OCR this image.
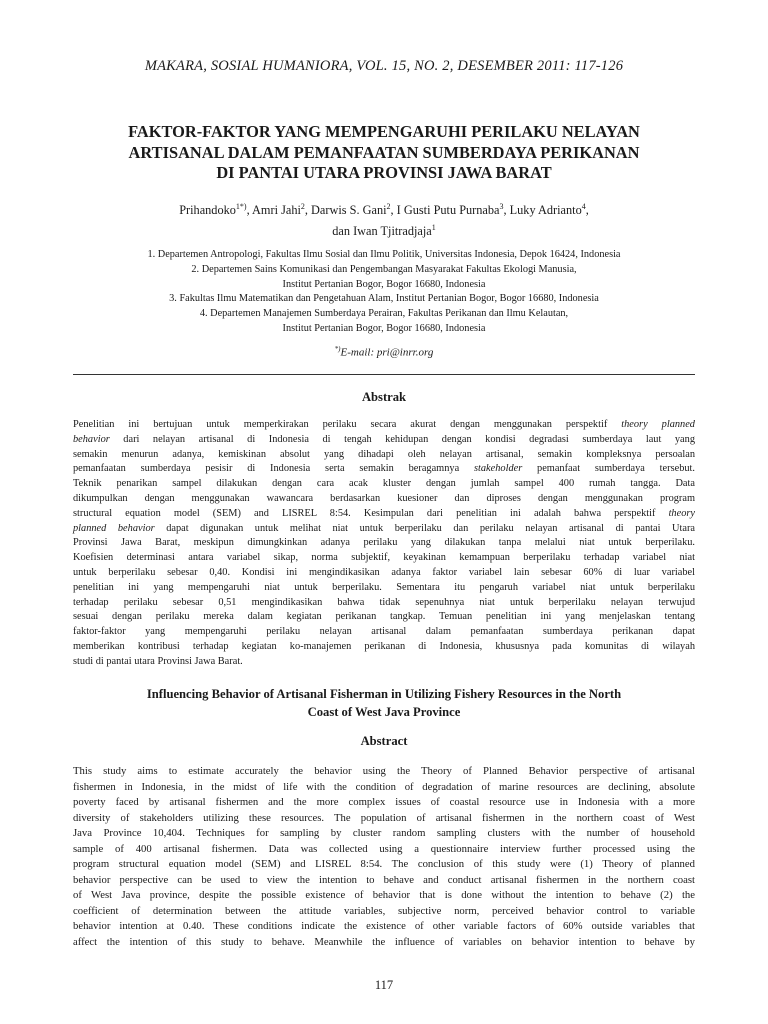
MAKARA, SOSIAL HUMANIORA, VOL. 15, NO. 2, DESEMBER 2011: 117-126
FAKTOR-FAKTOR YANG MEMPENGARUHI PERILAKU NELAYAN
ARTISANAL DALAM PEMANFAATAN SUMBERDAYA PERIKANAN
DI PANTAI UTARA PROVINSI JAWA BARAT
Prihandoko$^{1*)}$, Amri Jahi$^2$, Darwis S. Gani$^2$, I Gusti Putu Purnaba$^3$, Luky Adrianto$^4$,
dan Iwan Tjitradjaja$^1$
1. Departemen Antropologi, Fakultas Ilmu Sosial dan Ilmu Politik, Universitas Indonesia, Depok 16424, Indonesia
2. Departemen Sains Komunikasi dan Pengembangan Masyarakat Fakultas Ekologi Manusia,
Institut Pertanian Bogor, Bogor 16680, Indonesia
3. Fakultas Ilmu Matematikan dan Pengetahuan Alam, Institut Pertanian Bogor, Bogor 16680, Indonesia
4. Departemen Manajemen Sumberdaya Perairan, Fakultas Perikanan dan Ilmu Kelautan,
Institut Pertanian Bogor, Bogor 16680, Indonesia
*)E-mail: pri@inrr.org
Abstrak
Penelitian ini bertujuan untuk memperkirakan perilaku secara akurat dengan menggunakan perspektif theory planned
behavior dari nelayan artisanal di Indonesia di tengah kehidupan dengan kondisi degradasi sumberdaya laut yang
semakin menurun adanya, kemiskinan absolut yang dihadapi oleh nelayan artisanal, semakin kompleksnya persoalan
pemanfaatan sumberdaya pesisir di Indonesia serta semakin beragamnya stakeholder pemanfaat sumberdaya tersebut.
Teknik penarikan sampel dilakukan dengan cara acak kluster dengan jumlah sampel 400 rumah tangga. Data
dikumpulkan dengan menggunakan wawancara berdasarkan kuesioner dan diproses dengan menggunakan program
structural equation model (SEM) and LISREL 8:54. Kesimpulan dari penelitian ini adalah bahwa perspektif theory
planned behavior dapat digunakan untuk melihat niat untuk berperilaku dan perilaku nelayan artisanal di pantai Utara
Provinsi Jawa Barat, meskipun dimungkinkan adanya perilaku yang dilakukan tanpa melalui niat untuk berperilaku.
Koefisien determinasi antara variabel sikap, norma subjektif, keyakinan kemampuan berperilaku terhadap variabel niat
untuk berperilaku sebesar 0,40. Kondisi ini mengindikasikan adanya faktor variabel lain sebesar 60% di luar variabel
penelitian ini yang mempengaruhi niat untuk berperilaku. Sementara itu pengaruh variabel niat untuk berperilaku
terhadap perilaku sebesar 0,51 mengindikasikan bahwa tidak sepenuhnya niat untuk berperilaku nelayan terwujud
sesuai dengan perilaku mereka dalam kegiatan perikanan tangkap. Temuan penelitian ini yang menjelaskan tentang
faktor-faktor yang mempengaruhi perilaku nelayan artisanal dalam pemanfaatan sumberdaya perikanan dapat
memberikan kontribusi terhadap kegiatan ko-manajemen perikanan di Indonesia, khususnya pada komunitas di wilayah
studi di pantai utara Provinsi Jawa Barat.
Influencing Behavior of Artisanal Fisherman in Utilizing Fishery Resources in the North
Coast of West Java Province
Abstract
This study aims to estimate accurately the behavior using the Theory of Planned Behavior perspective of artisanal
fishermen in Indonesia, in the midst of life with the condition of degradation of marine resources are declining, absolute
poverty faced by artisanal fishermen and the more complex issues of coastal resource use in Indonesia with a more
diversity of stakeholders utilizing these resources. The population of artisanal fishermen in the northern coast of West
Java Province 10,404. Techniques for sampling by cluster random sampling clusters with the number of household
sample of 400 artisanal fishermen. Data was collected using a questionnaire interview further processed using the
program structural equation model (SEM) and LISREL 8:54. The conclusion of this study were (1) Theory of planned
behavior perspective can be used to view the intention to behave and conduct artisanal fishermen in the northern coast
of West Java province, despite the possible existence of behavior that is done without the intention to behave (2) the
coefficient of determination between the attitude variables, subjective norm, perceived behavior control to variable
behavior intention at 0.40. These conditions indicate the existence of other variable factors of 60% outside variables that
affect the intention of this study to behave. Meanwhile the influence of variables on behavior intention to behave by
117
